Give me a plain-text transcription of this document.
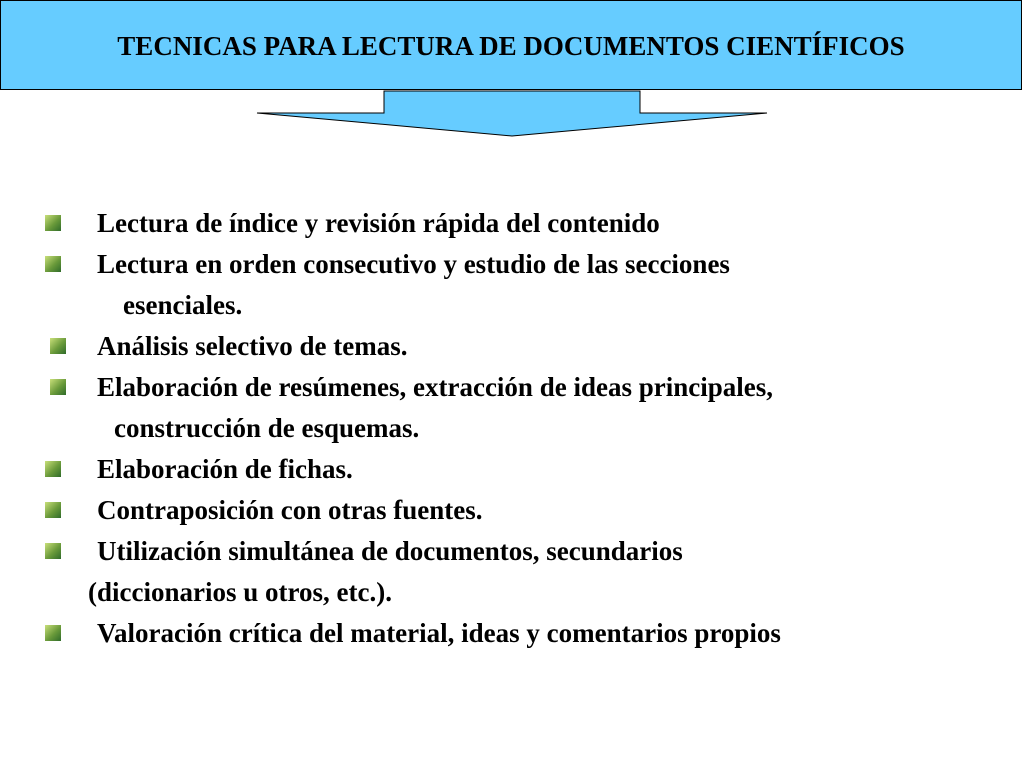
TECNICAS PARA LECTURA DE DOCUMENTOS CIENTÍFICOS
Lectura de índice y revisión rápida del contenido
Lectura en orden consecutivo y estudio de las secciones
esenciales.
Análisis selectivo de temas.
Elaboración de resúmenes, extracción de ideas principales,
construcción de esquemas.
Elaboración de fichas.
Contraposición con otras fuentes.
Utilización simultánea de documentos, secundarios
(diccionarios u otros, etc.).
Valoración crítica del material, ideas y comentarios propios
